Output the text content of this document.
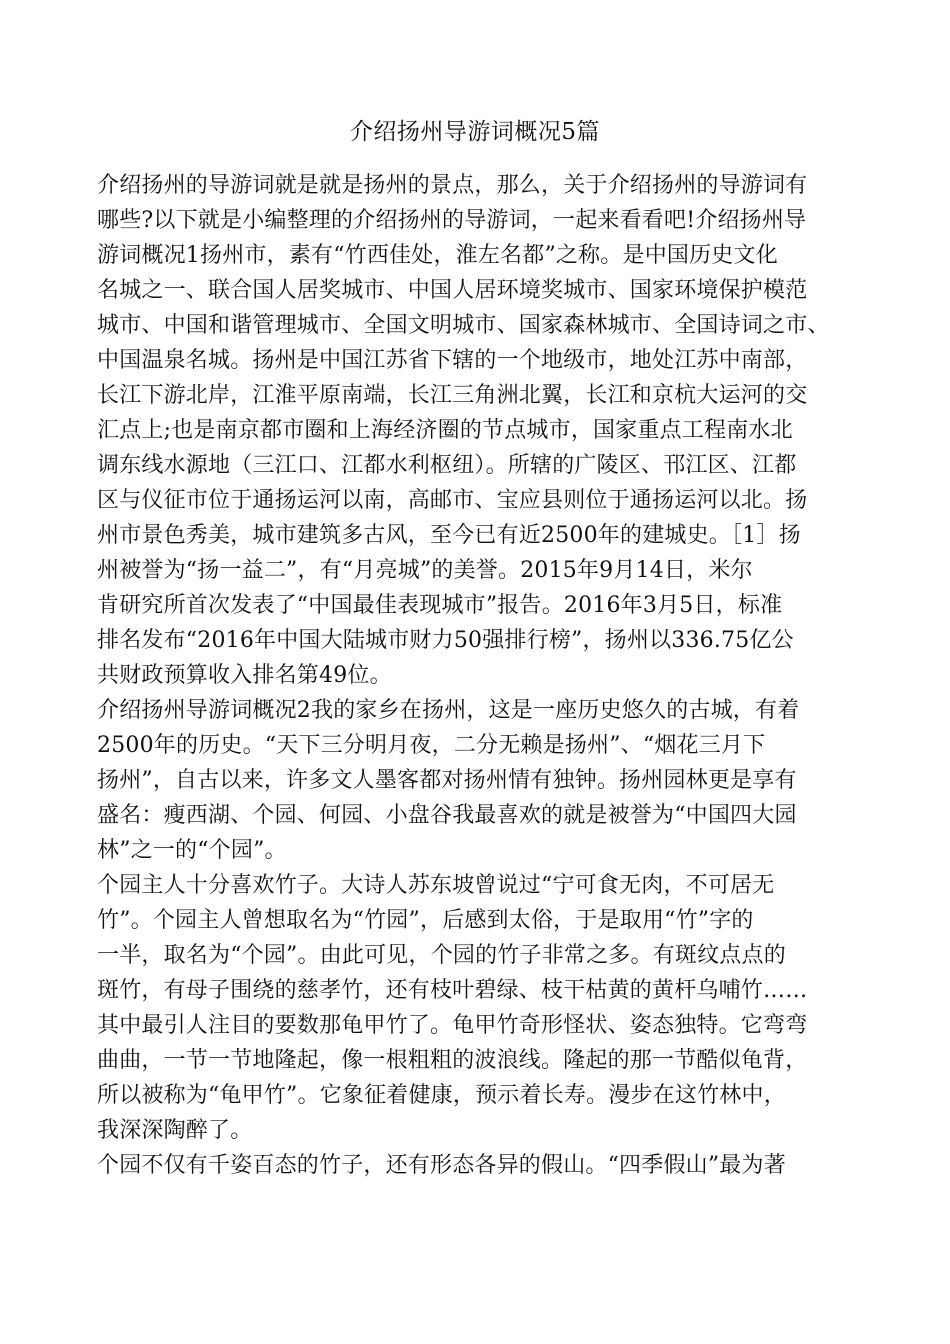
介绍扬州导游词概况5篇
介绍扬州的导游词就是就是扬州的景点，那么，关于介绍扬州的导游词有
哪些?以下就是小编整理的介绍扬州的导游词，一起来看看吧!介绍扬州导
游词概况1扬州市，素有“竹西佳处，淮左名都”之称。是中国历史文化
名城之一、联合国人居奖城市、中国人居环境奖城市、国家环境保护模范
城市、中国和谐管理城市、全国文明城市、国家森林城市、全国诗词之市、
中国温泉名城。扬州是中国江苏省下辖的一个地级市，地处江苏中南部，
长江下游北岸，江淮平原南端，长江三角洲北翼，长江和京杭大运河的交
汇点上;也是南京都市圈和上海经济圈的节点城市，国家重点工程南水北
调东线水源地（三江口、江都水利枢纽）。所辖的广陵区、邗江区、江都
区与仪征市位于通扬运河以南，高邮市、宝应县则位于通扬运河以北。扬
州市景色秀美，城市建筑多古风，至今已有近2500年的建城史。［1］扬
州被誉为“扬一益二”，有“月亮城”的美誉。2015年9月14日，米尔
肯研究所首次发表了“中国最佳表现城市”报告。2016年3月5日，标准
排名发布“2016年中国大陆城市财力50强排行榜”，扬州以336.75亿公
共财政预算收入排名第49位。
介绍扬州导游词概况2我的家乡在扬州，这是一座历史悠久的古城，有着
2500年的历史。“天下三分明月夜，二分无赖是扬州”、“烟花三月下
扬州”，自古以来，许多文人墨客都对扬州情有独钟。扬州园林更是享有
盛名：瘦西湖、个园、何园、小盘谷我最喜欢的就是被誉为“中国四大园
林”之一的“个园”。
个园主人十分喜欢竹子。大诗人苏东坡曾说过“宁可食无肉，不可居无
竹”。个园主人曾想取名为“竹园”，后感到太俗，于是取用“竹”字的
一半，取名为“个园”。由此可见，个园的竹子非常之多。有斑纹点点的
斑竹，有母子围绕的慈孝竹，还有枝叶碧绿、枝干枯黄的黄杆乌哺竹……
其中最引人注目的要数那龟甲竹了。龟甲竹奇形怪状、姿态独特。它弯弯
曲曲，一节一节地隆起，像一根粗粗的波浪线。隆起的那一节酷似龟背，
所以被称为“龟甲竹”。它象征着健康，预示着长寿。漫步在这竹林中，
我深深陶醉了。
个园不仅有千姿百态的竹子，还有形态各异的假山。“四季假山”最为著
